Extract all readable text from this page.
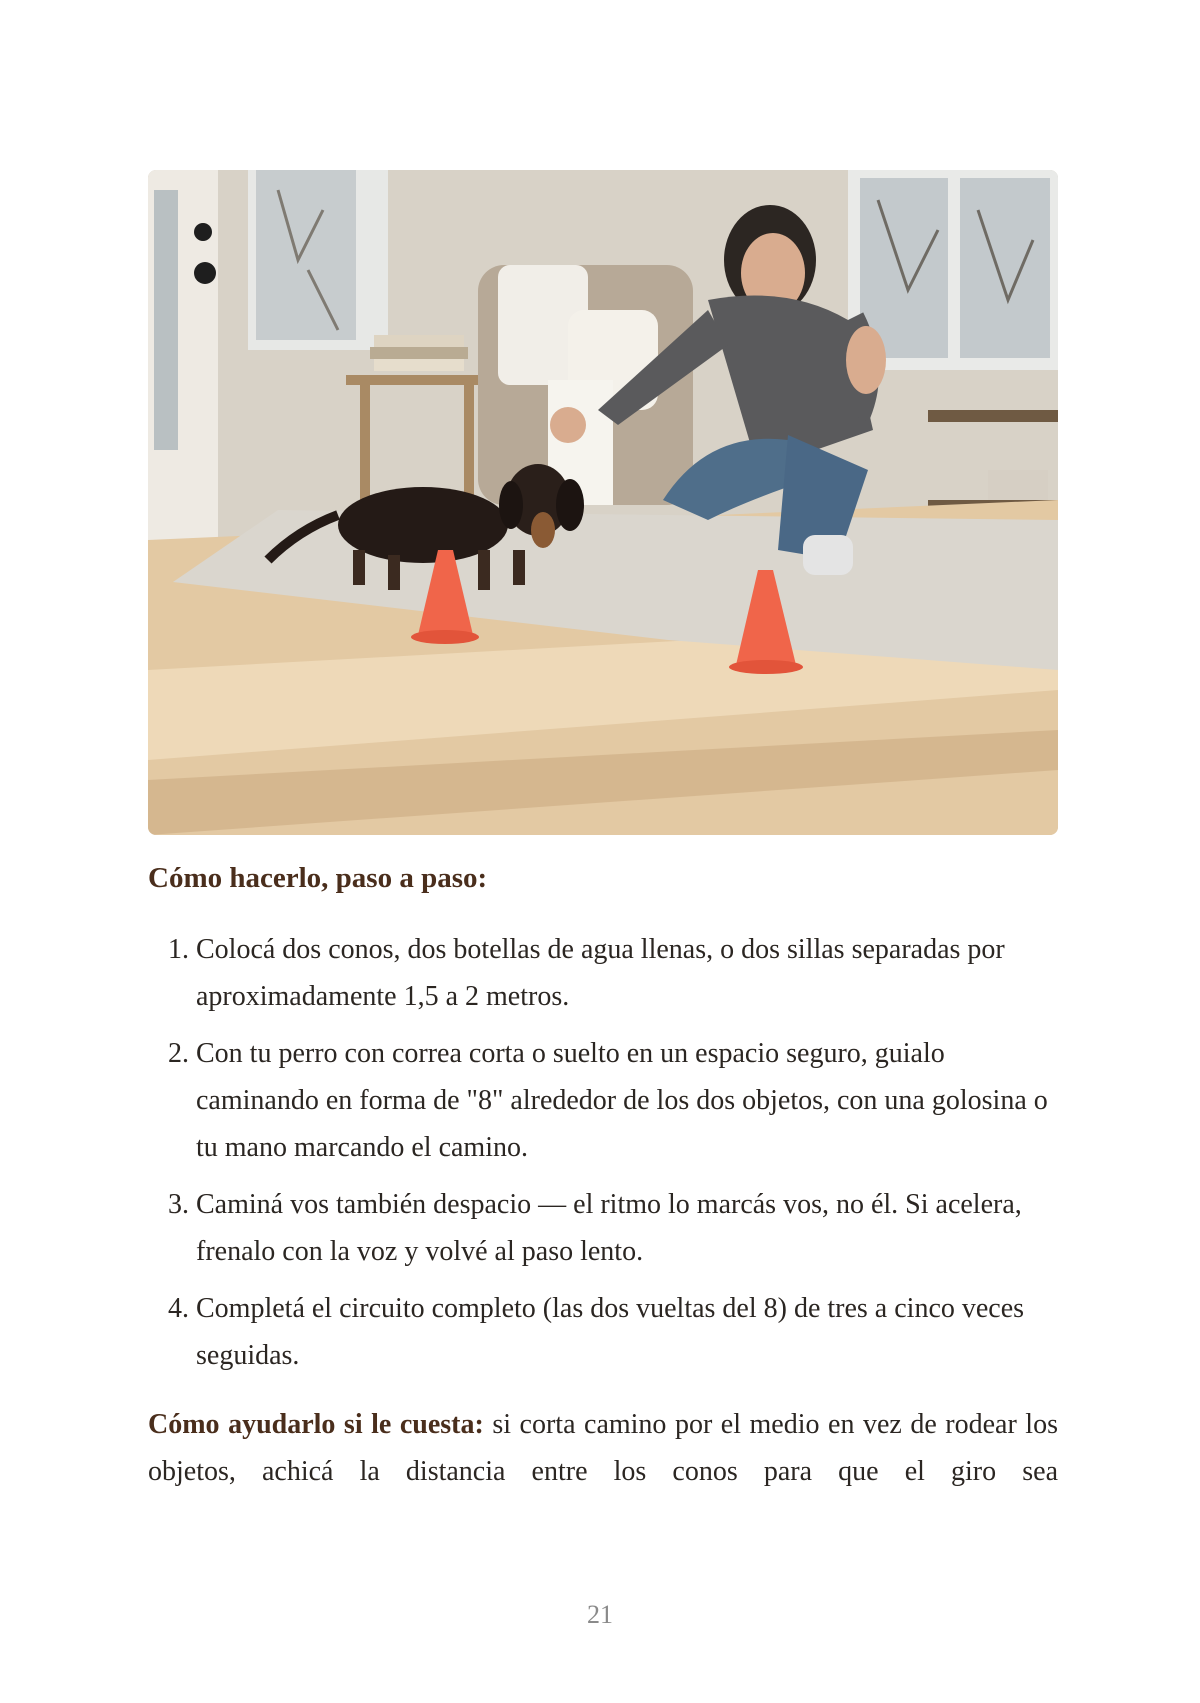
Cómo hacerlo, paso a paso:
1. Colocá dos conos, dos botellas de agua llenas, o dos sillas separadas por aproximadamente 1,5 a 2 metros.
2. Con tu perro con correa corta o suelto en un espacio seguro, guialo caminando en forma de "8" alrededor de los dos objetos, con una golosina o tu mano marcando el camino.
3. Caminá vos también despacio — el ritmo lo marcás vos, no él. Si acelera, frenalo con la voz y volvé al paso lento.
4. Completá el circuito completo (las dos vueltas del 8) de tres a cinco veces seguidas.

Cómo ayudarlo si le cuesta: si corta camino por el medio en vez de rodear los objetos, achicá la distancia entre los conos para que el giro sea

21
